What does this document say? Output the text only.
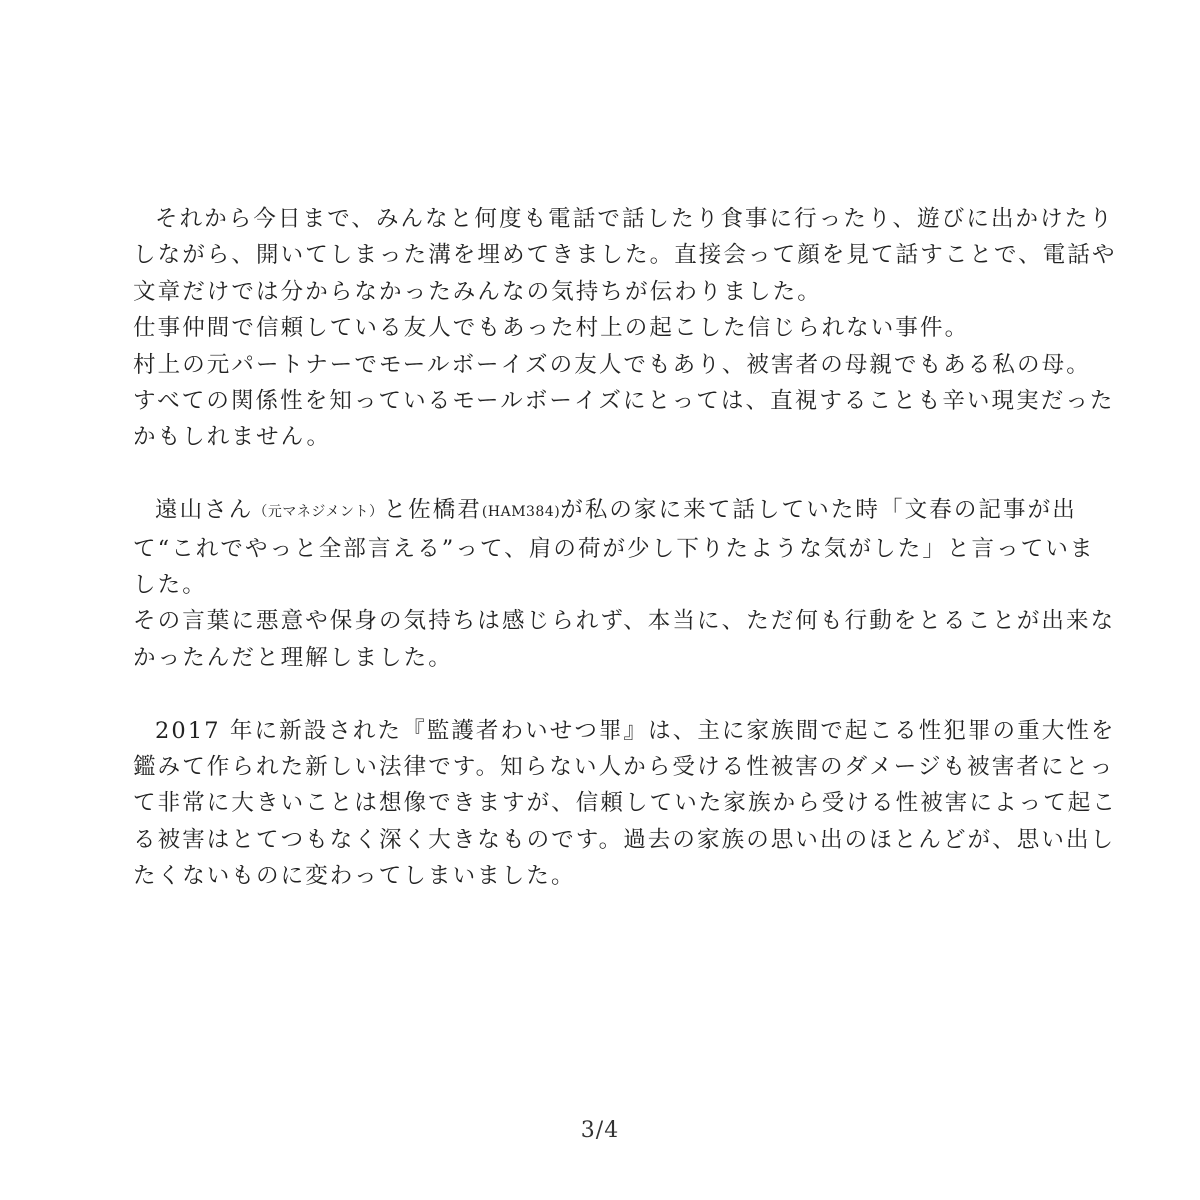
それから今日まで、みんなと何度も電話で話したり食事に行ったり、遊びに出かけたり
しながら、開いてしまった溝を埋めてきました。直接会って顔を見て話すことで、電話や
文章だけでは分からなかったみんなの気持ちが伝わりました。
仕事仲間で信頼している友人でもあった村上の起こした信じられない事件。
村上の元パートナーでモールボーイズの友人でもあり、被害者の母親でもある私の母。
すべての関係性を知っているモールボーイズにとっては、直視することも辛い現実だった
かもしれません。
遠山さん（元マネジメント）と佐橋君(HAM384)が私の家に来て話していた時「文春の記事が出
て“これでやっと全部言える”って、肩の荷が少し下りたような気がした」と言っていま
した。
その言葉に悪意や保身の気持ちは感じられず、本当に、ただ何も行動をとることが出来な
かったんだと理解しました。
2017 年に新設された『監護者わいせつ罪』は、主に家族間で起こる性犯罪の重大性を
鑑みて作られた新しい法律です。知らない人から受ける性被害のダメージも被害者にとっ
て非常に大きいことは想像できますが、信頼していた家族から受ける性被害によって起こ
る被害はとてつもなく深く大きなものです。過去の家族の思い出のほとんどが、思い出し
たくないものに変わってしまいました。
3/4
